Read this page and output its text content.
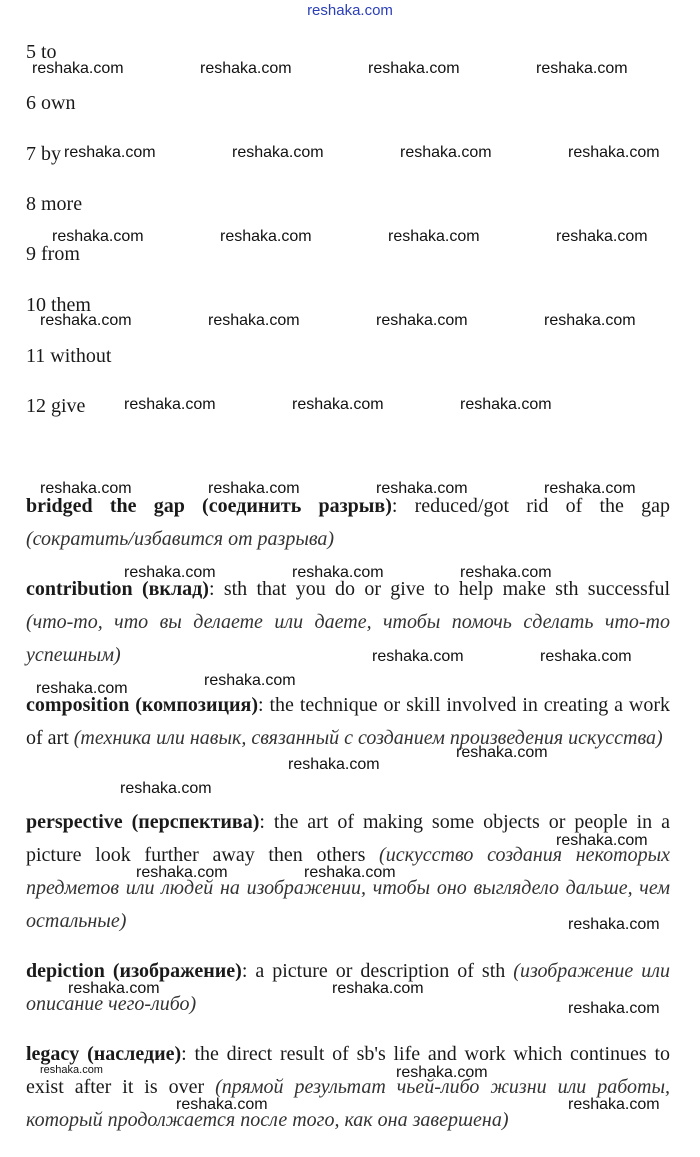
reshaka.com
5 to
6 own
7 by
8 more
9 from
10 them
11 without
12 give
bridged the gap (соединить разрыв): reduced/got rid of the gap (сократить/избавится от разрыва)
contribution (вклад): sth that you do or give to help make sth successful (что-то, что вы делаете или даете, чтобы помочь сделать что-то успешным)
composition (композиция): the technique or skill involved in creating a work of art (техника или навык, связанный с созданием произведения искусства)
perspective (перспектива): the art of making some objects or people in a picture look further away then others (искусство создания некоторых предметов или людей на изображении, чтобы оно выглядело дальше, чем остальные)
depiction (изображение): a picture or description of sth (изображение или описание чего-либо)
legacy (наследие): the direct result of sb's life and work which continues to exist after it is over (прямой результат чьей-либо жизни или работы, который продолжается после того, как она завершена)
reshaka.com	reshaka.com	reshaka.com	reshaka.com
reshaka.com	reshaka.com	reshaka.com	reshaka.com
reshaka.com	reshaka.com	reshaka.com	reshaka.com
reshaka.com	reshaka.com	reshaka.com	reshaka.com
reshaka.com	reshaka.com	reshaka.com
reshaka.com	reshaka.com	reshaka.com	reshaka.com
reshaka.com	reshaka.com	reshaka.com
reshaka.com	reshaka.com
reshaka.com
reshaka.com
reshaka.com
reshaka.com
reshaka.com
reshaka.com
reshaka.com	reshaka.com
reshaka.com
reshaka.com	reshaka.com
reshaka.com
reshaka.com	reshaka.com
reshaka.com	reshaka.com
